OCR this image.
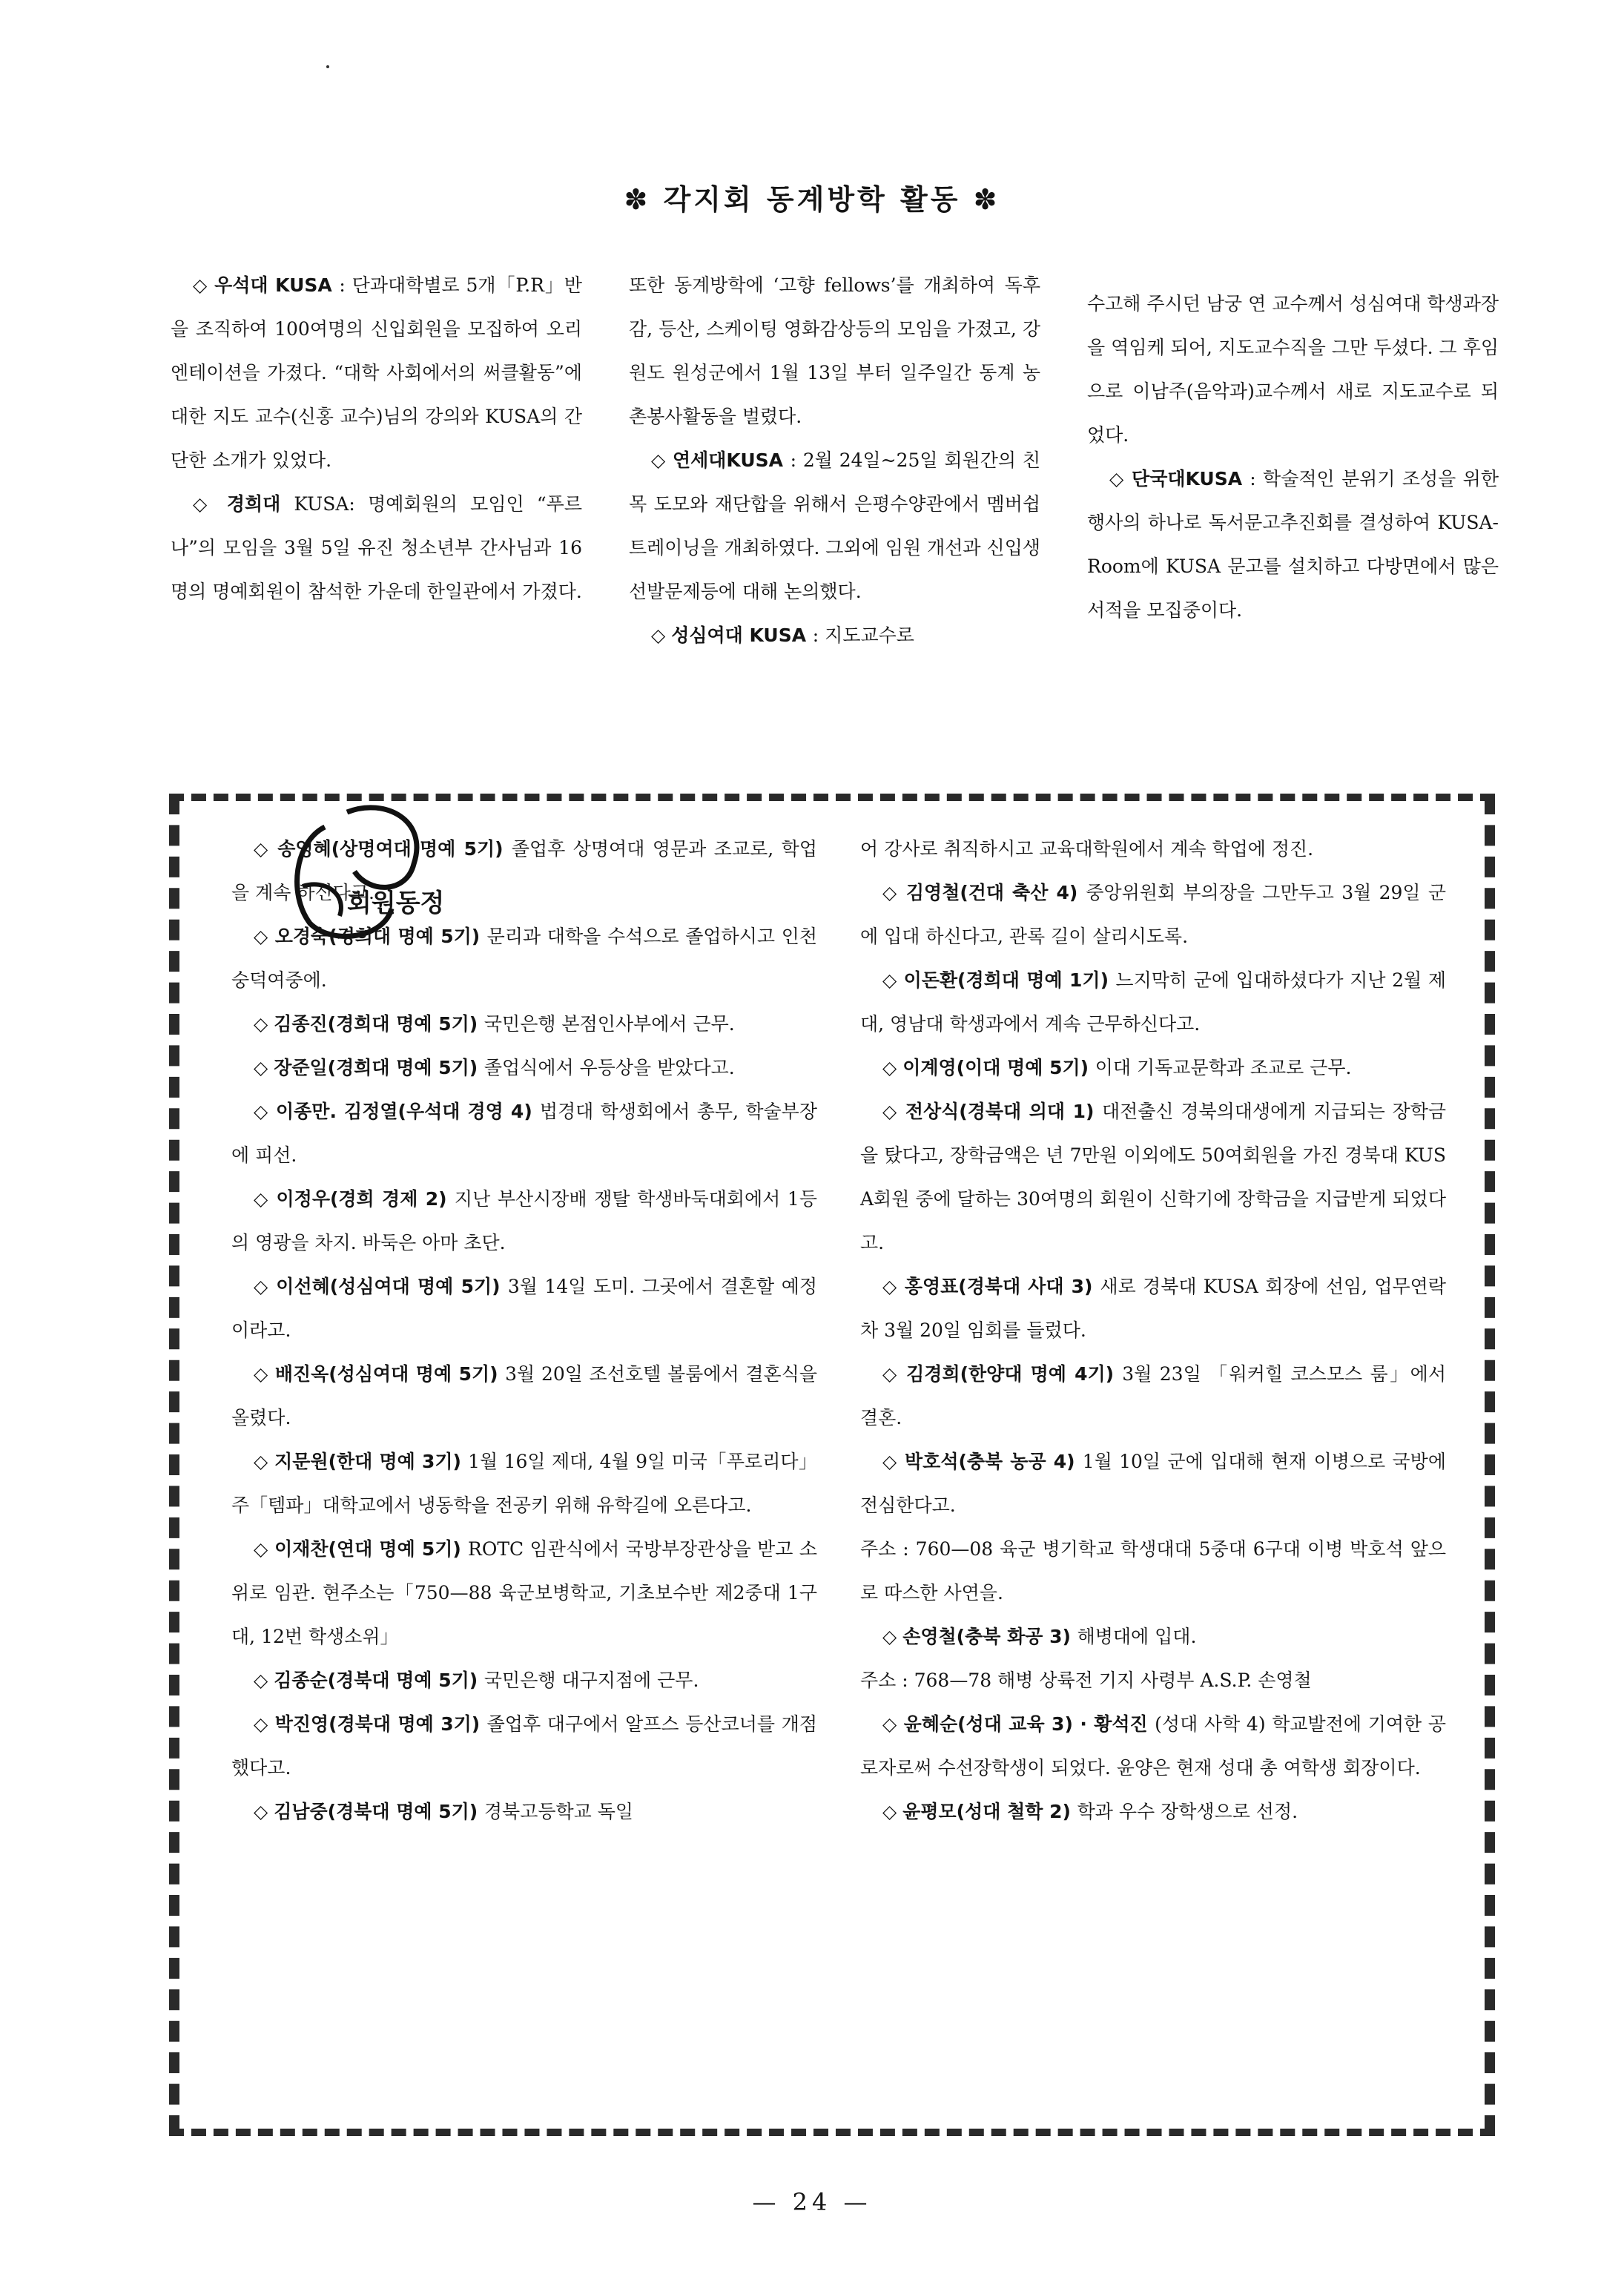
✽ 각지회 동계방학 활동 ✽

◇ 우석대 KUSA : 단과대학별로 5개「P.R」반을 조직하여 100여명의 신입회원을 모집하여 오리엔테이션을 가졌다. “대학 사회에서의 써클활동”에 대한 지도 교수(신홍 교수)님의 강의와 KUSA의 간단한 소개가 있었다.

◇ 경희대 KUSA: 명예회원의 모임인 “푸르나”의 모임을 3월 5일 유진 청소년부 간사님과 16명의 명예회원이 참석한 가운데 한일관에서 가졌다.

또한 동계방학에 ‘고향 fellows’를 개최하여 독후감, 등산, 스케이팅 영화감상등의 모임을 가졌고, 강원도 원성군에서 1월 13일 부터 일주일간 동계 농촌봉사활동을 벌렸다.

◇ 연세대KUSA : 2월 24일~25일 회원간의 친목 도모와 재단합을 위해서 은평수양관에서 멤버쉽 트레이닝을 개최하였다. 그외에 임원 개선과 신입생 선발문제등에 대해 논의했다.

◇ 성심여대 KUSA : 지도교수로

수고해 주시던 남궁 연 교수께서 성심여대 학생과장을 역임케 되어, 지도교수직을 그만 두셨다. 그 후임으로 이남주(음악과)교수께서 새로 지도교수로 되었다.

◇ 단국대KUSA : 학술적인 분위기 조성을 위한 행사의 하나로 독서문고추진회를 결성하여 KUSA-Room에 KUSA 문고를 설치하고 다방면에서 많은 서적을 모집중이다.

회원동정

◇ 송영혜(상명여대 명예 5기) 졸업후 상명여대 영문과 조교로, 학업을 계속 하신다고.

◇ 오경숙(경희대 명예 5기) 문리과 대학을 수석으로 졸업하시고 인천 숭덕여중에.

◇ 김종진(경희대 명예 5기) 국민은행 본점인사부에서 근무.

◇ 장준일(경희대 명예 5기) 졸업식에서 우등상을 받았다고.

◇ 이종만. 김정열(우석대 경영 4) 법경대 학생회에서 총무, 학술부장에 피선.

◇ 이정우(경희 경제 2) 지난 부산시장배 쟁탈 학생바둑대회에서 1등의 영광을 차지. 바둑은 아마 초단.

◇ 이선혜(성심여대 명예 5기) 3월 14일 도미. 그곳에서 결혼할 예정이라고.

◇ 배진옥(성심여대 명예 5기) 3월 20일 조선호텔 볼룸에서 결혼식을 올렸다.

◇ 지문원(한대 명예 3기) 1월 16일 제대, 4월 9일 미국「푸로리다」주「템파」대학교에서 냉동학을 전공키 위해 유학길에 오른다고.

◇ 이재찬(연대 명예 5기) ROTC 임관식에서 국방부장관상을 받고 소위로 임관. 현주소는「750—88 육군보병학교, 기초보수반 제2중대 1구대, 12번 학생소위」

◇ 김종순(경북대 명예 5기) 국민은행 대구지점에 근무.

◇ 박진영(경북대 명예 3기) 졸업후 대구에서 알프스 등산코너를 개점 했다고.

◇ 김남중(경북대 명예 5기) 경북고등학교 독일

어 강사로 취직하시고 교육대학원에서 계속 학업에 정진.

◇ 김영철(건대 축산 4) 중앙위원회 부의장을 그만두고 3월 29일 군에 입대 하신다고, 관록 길이 살리시도록.

◇ 이돈환(경희대 명예 1기) 느지막히 군에 입대하셨다가 지난 2월 제대, 영남대 학생과에서 계속 근무하신다고.

◇ 이계영(이대 명예 5기) 이대 기독교문학과 조교로 근무.

◇ 전상식(경북대 의대 1) 대전출신 경북의대생에게 지급되는 장학금을 탔다고, 장학금액은 년 7만원 이외에도 50여회원을 가진 경북대 KUSA회원 중에 달하는 30여명의 회원이 신학기에 장학금을 지급받게 되었다고.

◇ 홍영표(경북대 사대 3) 새로 경북대 KUSA 회장에 선임, 업무연락차 3월 20일 임회를 들렀다.

◇ 김경희(한양대 명예 4기) 3월 23일 「워커힐 코스모스 룸」에서 결혼.

◇ 박호석(충북 농공 4) 1월 10일 군에 입대해 현재 이병으로 국방에 전심한다고.

주소 : 760—08 육군 병기학교 학생대대 5중대 6구대 이병 박호석 앞으로 따스한 사연을.

◇ 손영철(충북 화공 3) 해병대에 입대.

주소 : 768—78 해병 상륙전 기지 사령부 A.S.P. 손영철

◇ 윤혜순(성대 교육 3) · 황석진 (성대 사학 4) 학교발전에 기여한 공로자로써 수선장학생이 되었다. 윤양은 현재 성대 총 여학생 회장이다.

◇ 윤평모(성대 철학 2) 학과 우수 장학생으로 선정.

— 24 —
